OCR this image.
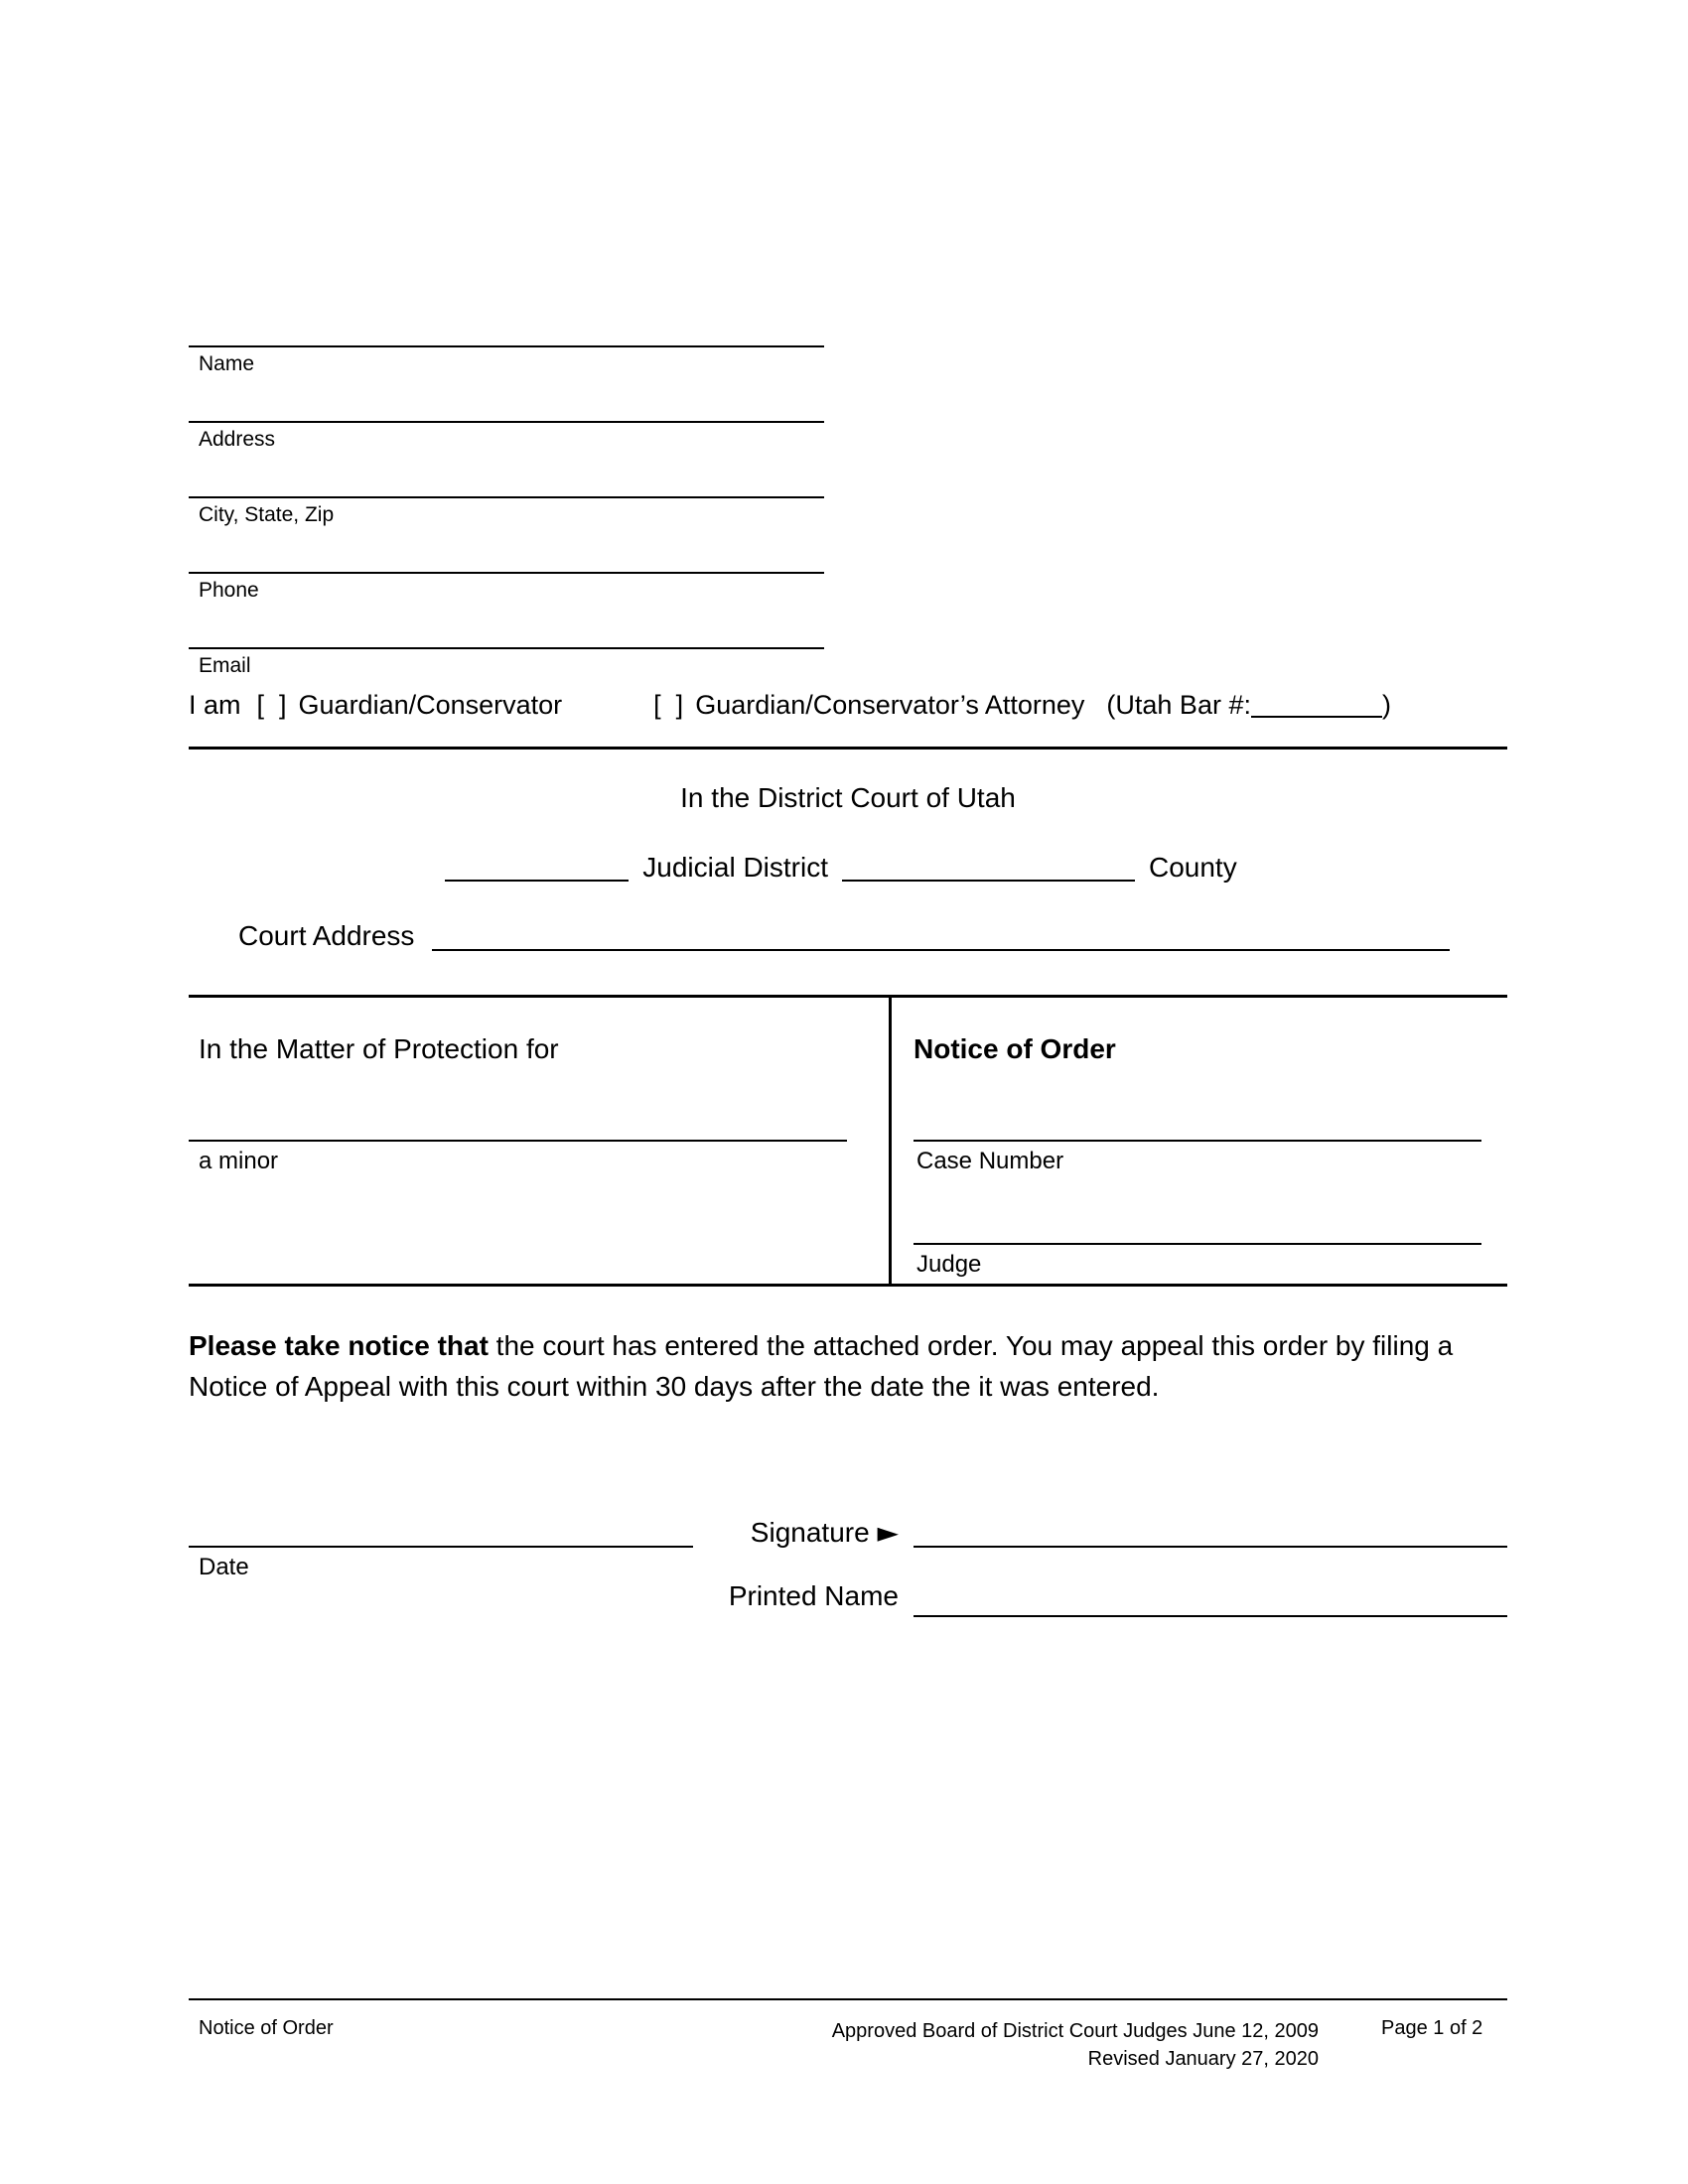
Name
Address
City, State, Zip
Phone
Email
I am [  ] Guardian/Conservator	[  ] Guardian/Conservator’s Attorney (Utah Bar #:	)
In the District Court of Utah
Judicial District	County
Court Address
In the Matter of Protection for
a minor
Notice of Order
Case Number
Judge
Please take notice that the court has entered the attached order. You may appeal this order by filing a Notice of Appeal with this court within 30 days after the date the it was entered.
Date
Signature ►
Printed Name
Notice of Order	Approved Board of District Court Judges June 12, 2009
Revised January 27, 2020
Page 1 of 2
